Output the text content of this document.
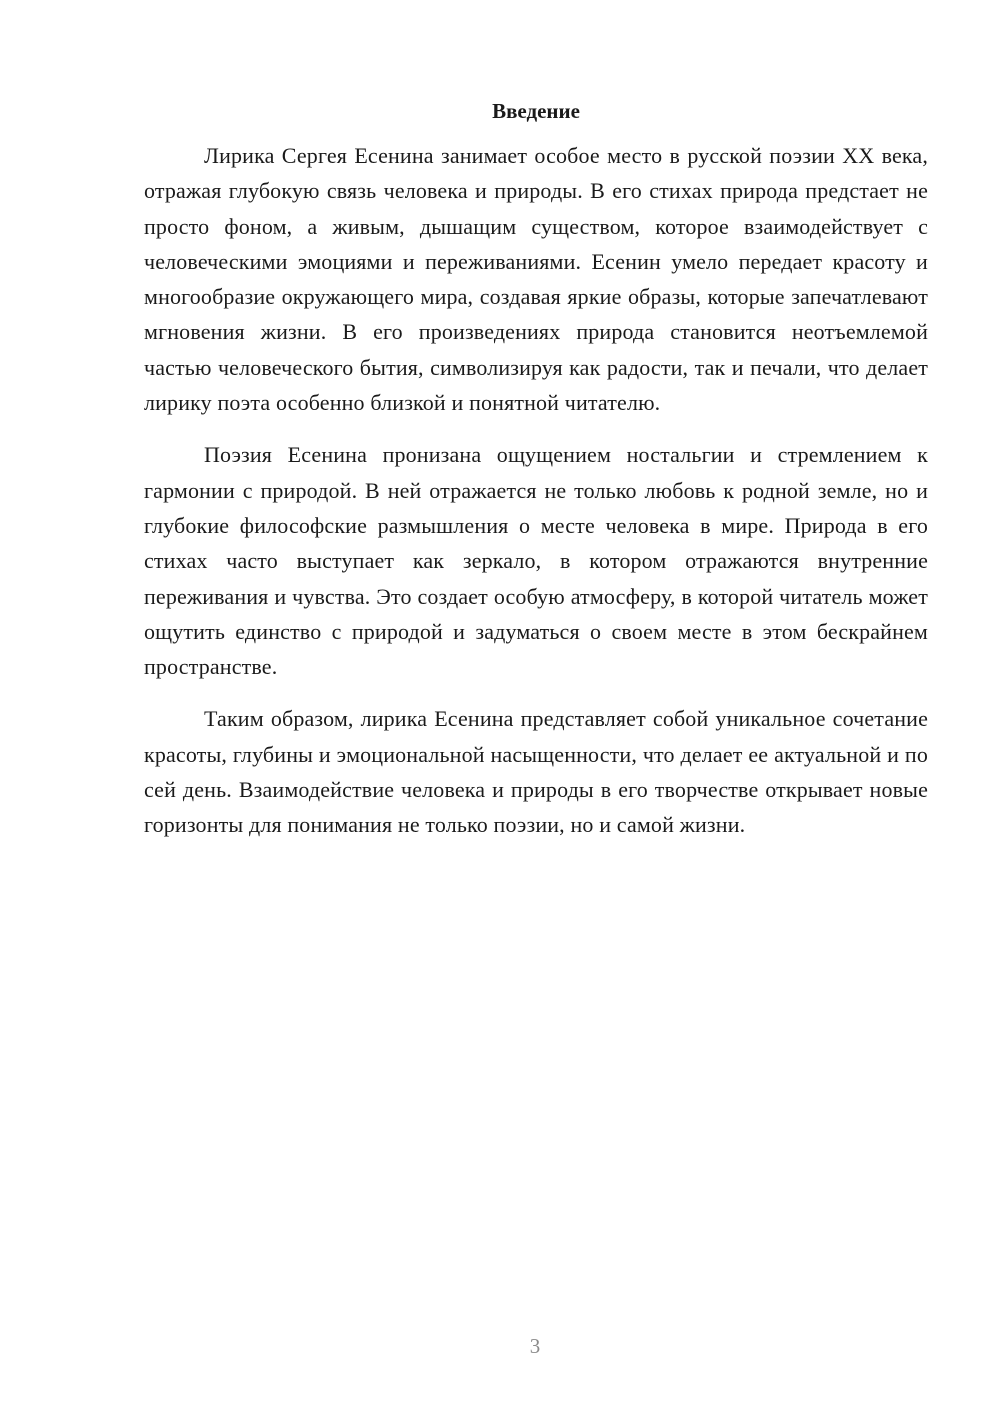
Введение

Лирика Сергея Есенина занимает особое место в русской поэзии XX века, отражая глубокую связь человека и природы. В его стихах природа предстает не просто фоном, а живым, дышащим существом, которое взаимодействует с человеческими эмоциями и переживаниями. Есенин умело передает красоту и многообразие окружающего мира, создавая яркие образы, которые запечатлевают мгновения жизни. В его произведениях природа становится неотъемлемой частью человеческого бытия, символизируя как радости, так и печали, что делает лирику поэта особенно близкой и понятной читателю.

Поэзия Есенина пронизана ощущением ностальгии и стремлением к гармонии с природой. В ней отражается не только любовь к родной земле, но и глубокие философские размышления о месте человека в мире. Природа в его стихах часто выступает как зеркало, в котором отражаются внутренние переживания и чувства. Это создает особую атмосферу, в которой читатель может ощутить единство с природой и задуматься о своем месте в этом бескрайнем пространстве.

Таким образом, лирика Есенина представляет собой уникальное сочетание красоты, глубины и эмоциональной насыщенности, что делает ее актуальной и по сей день. Взаимодействие человека и природы в его творчестве открывает новые горизонты для понимания не только поэзии, но и самой жизни.

3
